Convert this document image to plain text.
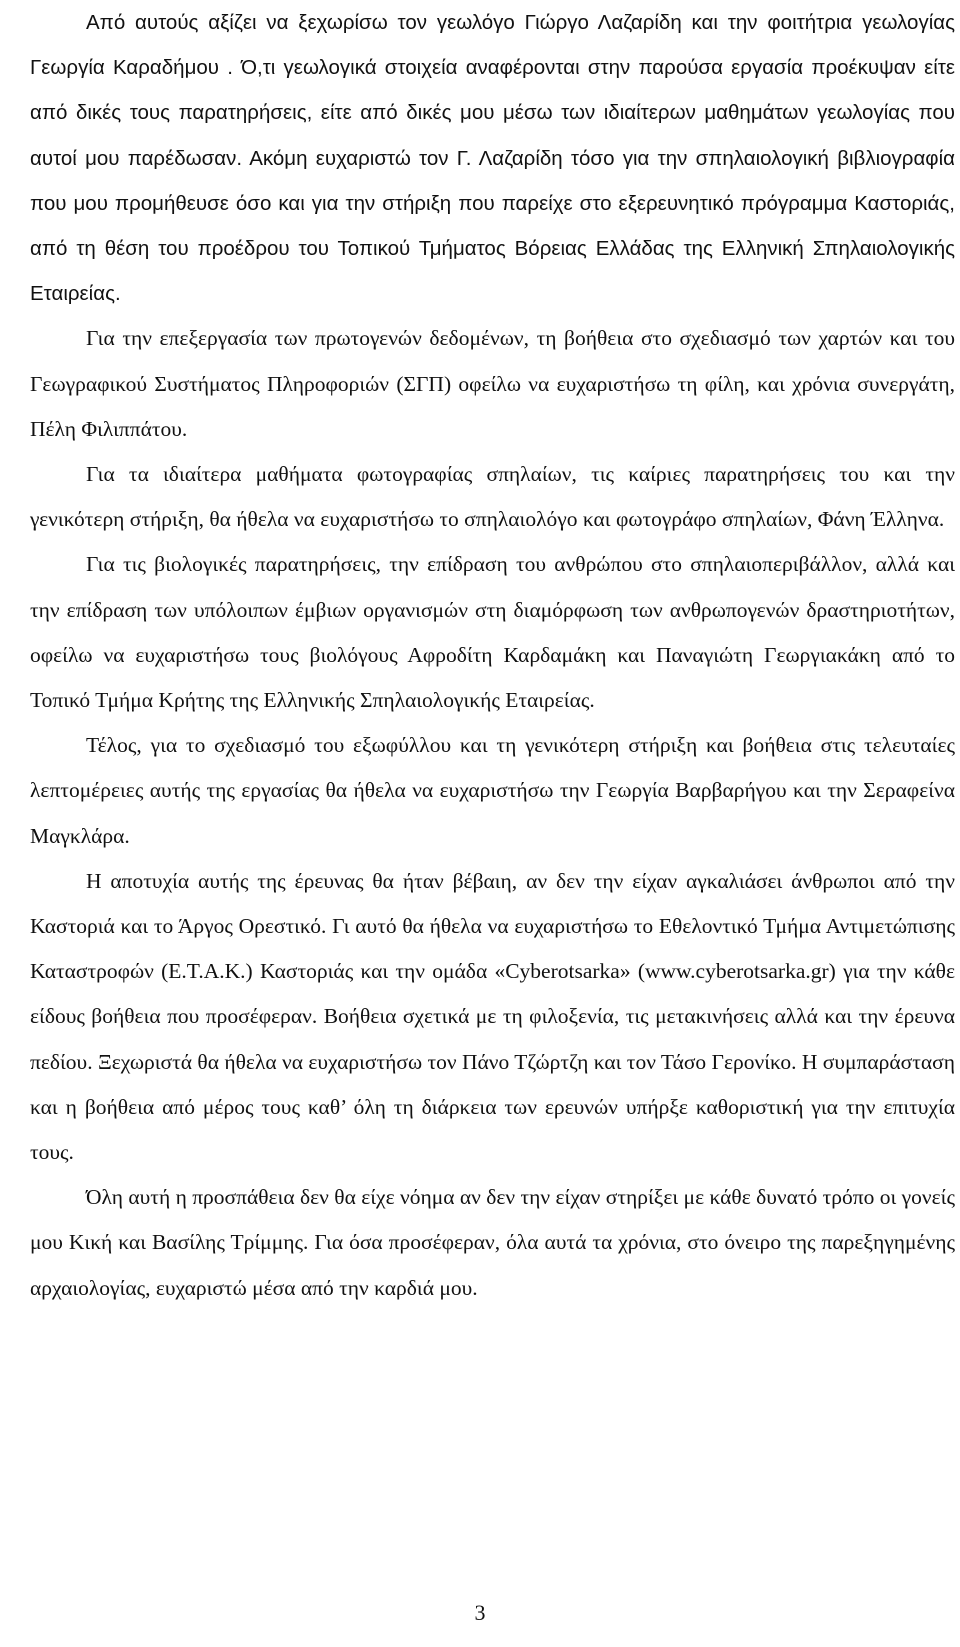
Από αυτούς αξίζει να ξεχωρίσω τον γεωλόγο Γιώργο Λαζαρίδη και την φοιτήτρια γεωλογίας Γεωργία Καραδήμου . Ό,τι γεωλογικά στοιχεία αναφέρονται στην παρούσα εργασία προέκυψαν είτε από δικές τους παρατηρήσεις, είτε από δικές μου μέσω των ιδιαίτερων μαθημάτων γεωλογίας που αυτοί μου παρέδωσαν. Ακόμη ευχαριστώ τον Γ. Λαζαρίδη τόσο για την σπηλαιολογική βιβλιογραφία που μου προμήθευσε όσο και για την στήριξη που παρείχε στο εξερευνητικό πρόγραμμα Καστοριάς, από τη θέση του προέδρου του Τοπικού Τμήματος Βόρειας Ελλάδας της Ελληνική Σπηλαιολογικής Εταιρείας.

Για την επεξεργασία των πρωτογενών δεδομένων, τη βοήθεια στο σχεδιασμό των χαρτών και του Γεωγραφικού Συστήματος Πληροφοριών (ΣΓΠ) οφείλω να ευχαριστήσω τη φίλη, και χρόνια συνεργάτη, Πέλη Φιλιππάτου.

Για τα ιδιαίτερα μαθήματα φωτογραφίας σπηλαίων, τις καίριες παρατηρήσεις του και την γενικότερη στήριξη, θα ήθελα να ευχαριστήσω το σπηλαιολόγο και φωτογράφο σπηλαίων, Φάνη Έλληνα.

Για τις βιολογικές παρατηρήσεις, την επίδραση του ανθρώπου στο σπηλαιοπεριβάλλον, αλλά και την επίδραση των υπόλοιπων έμβιων οργανισμών στη διαμόρφωση των ανθρωπογενών δραστηριοτήτων, οφείλω να ευχαριστήσω τους βιολόγους Αφροδίτη Καρδαμάκη και Παναγιώτη Γεωργιακάκη από το Τοπικό Τμήμα Κρήτης της Ελληνικής Σπηλαιολογικής Εταιρείας.

Τέλος, για το σχεδιασμό του εξωφύλλου και τη γενικότερη στήριξη και βοήθεια στις τελευταίες λεπτομέρειες αυτής της εργασίας θα ήθελα να ευχαριστήσω την Γεωργία Βαρβαρήγου και την Σεραφείνα Μαγκλάρα.

Η αποτυχία αυτής της έρευνας θα ήταν βέβαιη, αν δεν την είχαν αγκαλιάσει άνθρωποι από την Καστοριά και το Άργος Ορεστικό. Γι αυτό θα ήθελα να ευχαριστήσω το Εθελοντικό Τμήμα Αντιμετώπισης Καταστροφών (Ε.Τ.Α.Κ.) Καστοριάς και την ομάδα «Cyberotsarka» (www.cyberotsarka.gr) για την κάθε είδους βοήθεια που προσέφεραν. Βοήθεια σχετικά με τη φιλοξενία, τις μετακινήσεις αλλά και την έρευνα πεδίου. Ξεχωριστά θα ήθελα να ευχαριστήσω τον Πάνο Τζώρτζη και τον Τάσο Γερονίκο. Η συμπαράσταση και η βοήθεια από μέρος τους καθ’ όλη τη διάρκεια των ερευνών υπήρξε καθοριστική για την επιτυχία τους.

Όλη αυτή η προσπάθεια δεν θα είχε νόημα αν δεν την είχαν στηρίξει με κάθε δυνατό τρόπο οι γονείς μου Κική και Βασίλης Τρίμμης. Για όσα προσέφεραν, όλα αυτά τα χρόνια, στο όνειρο της παρεξηγημένης αρχαιολογίας, ευχαριστώ μέσα από την καρδιά μου.

3
